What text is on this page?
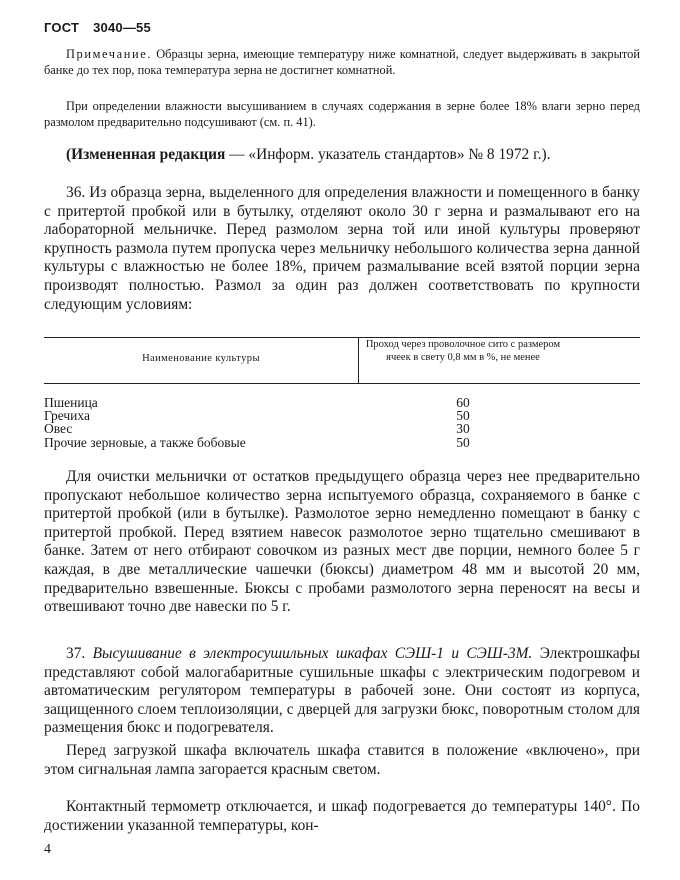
ГОСТ 3040—55
Примечание. Образцы зерна, имеющие температуру ниже комнатной, следует выдерживать в закрытой банке до тех пор, пока температура зерна не достигнет комнатной.
При определении влажности высушиванием в случаях содержания в зерне более 18% влаги зерно перед размолом предварительно подсушивают (см. п. 41).
(Измененная редакция — «Информ. указатель стандартов» № 8 1972 г.).
36. Из образца зерна, выделенного для определения влажности и помещенного в банку с притертой пробкой или в бутылку, отделяют около 30 г зерна и размалывают его на лабораторной мельничке. Перед размолом зерна той или иной культуры проверяют крупность размола путем пропуска через мельничку небольшого количества зерна данной культуры с влажностью не более 18%, причем размалывание всей взятой порции зерна производят полностью. Размол за один раз должен соответствовать по крупности следующим условиям:
Наименование культуры
Проход через проволочное сито с размером ячеек в свету 0,8 мм в %, не менее
Пшеница	60
Гречиха	50
Овес	30
Прочие зерновые, а также бобовые	50
Для очистки мельнички от остатков предыдущего образца через нее предварительно пропускают небольшое количество зерна испытуемого образца, сохраняемого в банке с притертой пробкой (или в бутылке). Размолотое зерно немедленно помещают в банку с притертой пробкой. Перед взятием навесок размолотое зерно тщательно смешивают в банке. Затем от него отбирают совочком из разных мест две порции, немного более 5 г каждая, в две металлические чашечки (бюксы) диаметром 48 мм и высотой 20 мм, предварительно взвешенные. Бюксы с пробами размолотого зерна переносят на весы и отвешивают точно две навески по 5 г.
37. Высушивание в электросушильных шкафах СЭШ-1 и СЭШ-3М. Электрошкафы представляют собой малогабаритные сушильные шкафы с электрическим подогревом и автоматическим регулятором температуры в рабочей зоне. Они состоят из корпуса, защищенного слоем теплоизоляции, с дверцей для загрузки бюкс, поворотным столом для размещения бюкс и подогревателя.
Перед загрузкой шкафа включатель шкафа ставится в положение «включено», при этом сигнальная лампа загорается красным светом.
Контактный термометр отключается, и шкаф подогревается до температуры 140°. По достижении указанной температуры, кон-
4
